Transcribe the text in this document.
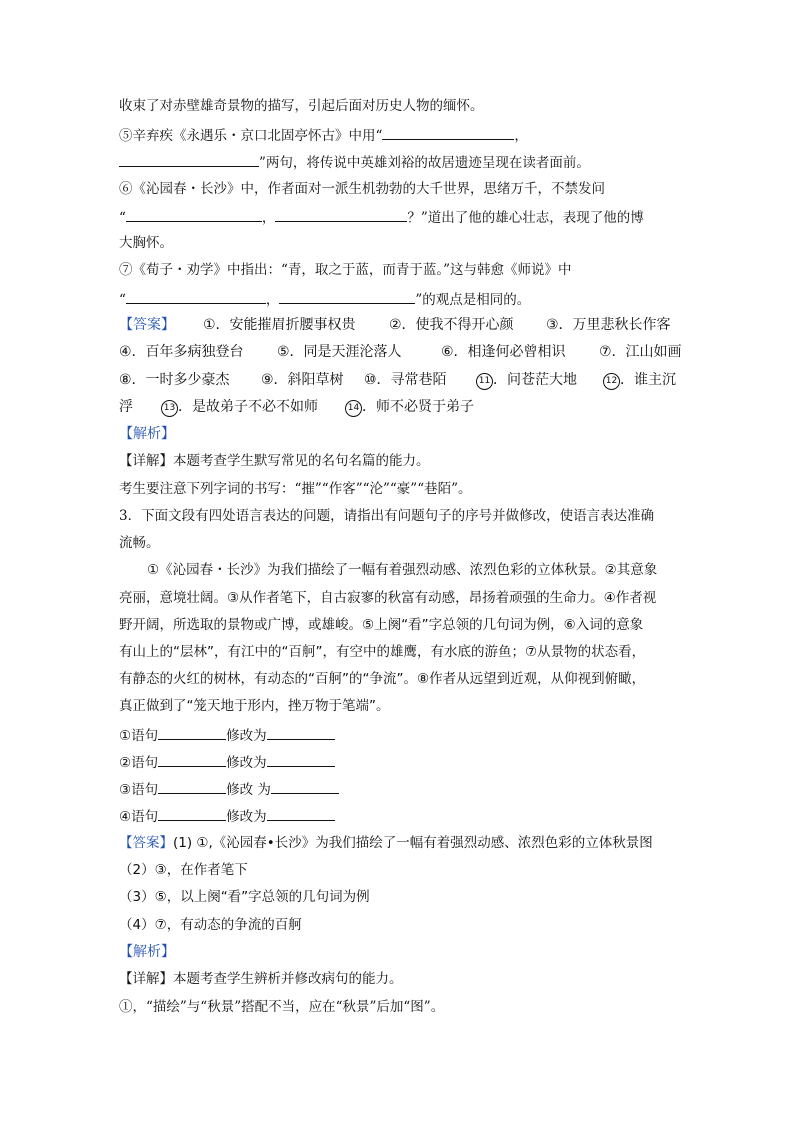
收束了对赤壁雄奇景物的描写，引起后面对历史人物的缅怀。
⑤辛弃疾《永遇乐・京口北固亭怀古》中用“	，
”两句，将传说中英雄刘裕的故居遗迹呈现在读者面前。
⑥《沁园春・长沙》中，作者面对一派生机勃勃的大千世界，思绪万千，不禁发问
“	，	？”道出了他的雄心壮志，表现了他的博
大胸怀。
⑦《荀子・劝学》中指出：“青，取之于蓝，而青于蓝。”这与韩愈《师说》中
“	，	”的观点是相同的。
【答案】 ①．安能摧眉折腰事权贵 ②．使我不得开心颜 ③．万里悲秋长作客
④．百年多病独登台 ⑤．同是天涯沦落人	⑥．相逢何必曾相识 ⑦．江山如画
⑧．一时多少豪杰 ⑨．斜阳草树 ⑩．寻常巷陌	11 ．问苍茫大地	12 ．谁主沉
浮	13 ．是故弟子不必不如师	14 ．师不必贤于弟子
【解析】
【详解】本题考查学生默写常见的名句名篇的能力。
考生要注意下列字词的书写：“摧”“作客”“沦”“豪”“巷陌”。
3．下面文段有四处语言表达的问题，请指出有问题句子的序号并做修改，使语言表达准确
流畅。
①《沁园春・长沙》为我们描绘了一幅有着强烈动感、浓烈色彩的立体秋景。②其意象
亮丽，意境壮阔。③从作者笔下，自古寂寥的秋富有动感，昂扬着顽强的生命力。④作者视
野开阔，所选取的景物或广博，或雄峻。⑤上阕“看”字总领的几句词为例，⑥入词的意象
有山上的“层林”，有江中的“百舸”，有空中的雄鹰，有水底的游鱼；⑦从景物的状态看，
有静态的火红的树林，有动态的“百舸”的“争流”。⑧作者从远望到近观，从仰视到俯瞰，
真正做到了“笼天地于形内，挫万物于笔端”。
①语句	修改为
②语句	修改为
③语句	修改 为
④语句	修改为
【答案】(1) ①,《沁园春•长沙》为我们描绘了一幅有着强烈动感、浓烈色彩的立体秋景图
（2）③，在作者笔下
（3）⑤，以上阕“看”字总领的几句词为例
（4）⑦，有动态的争流的百舸
【解析】
【详解】本题考查学生辨析并修改病句的能力。
①，“描绘”与“秋景”搭配不当，应在“秋景”后加“图”。
